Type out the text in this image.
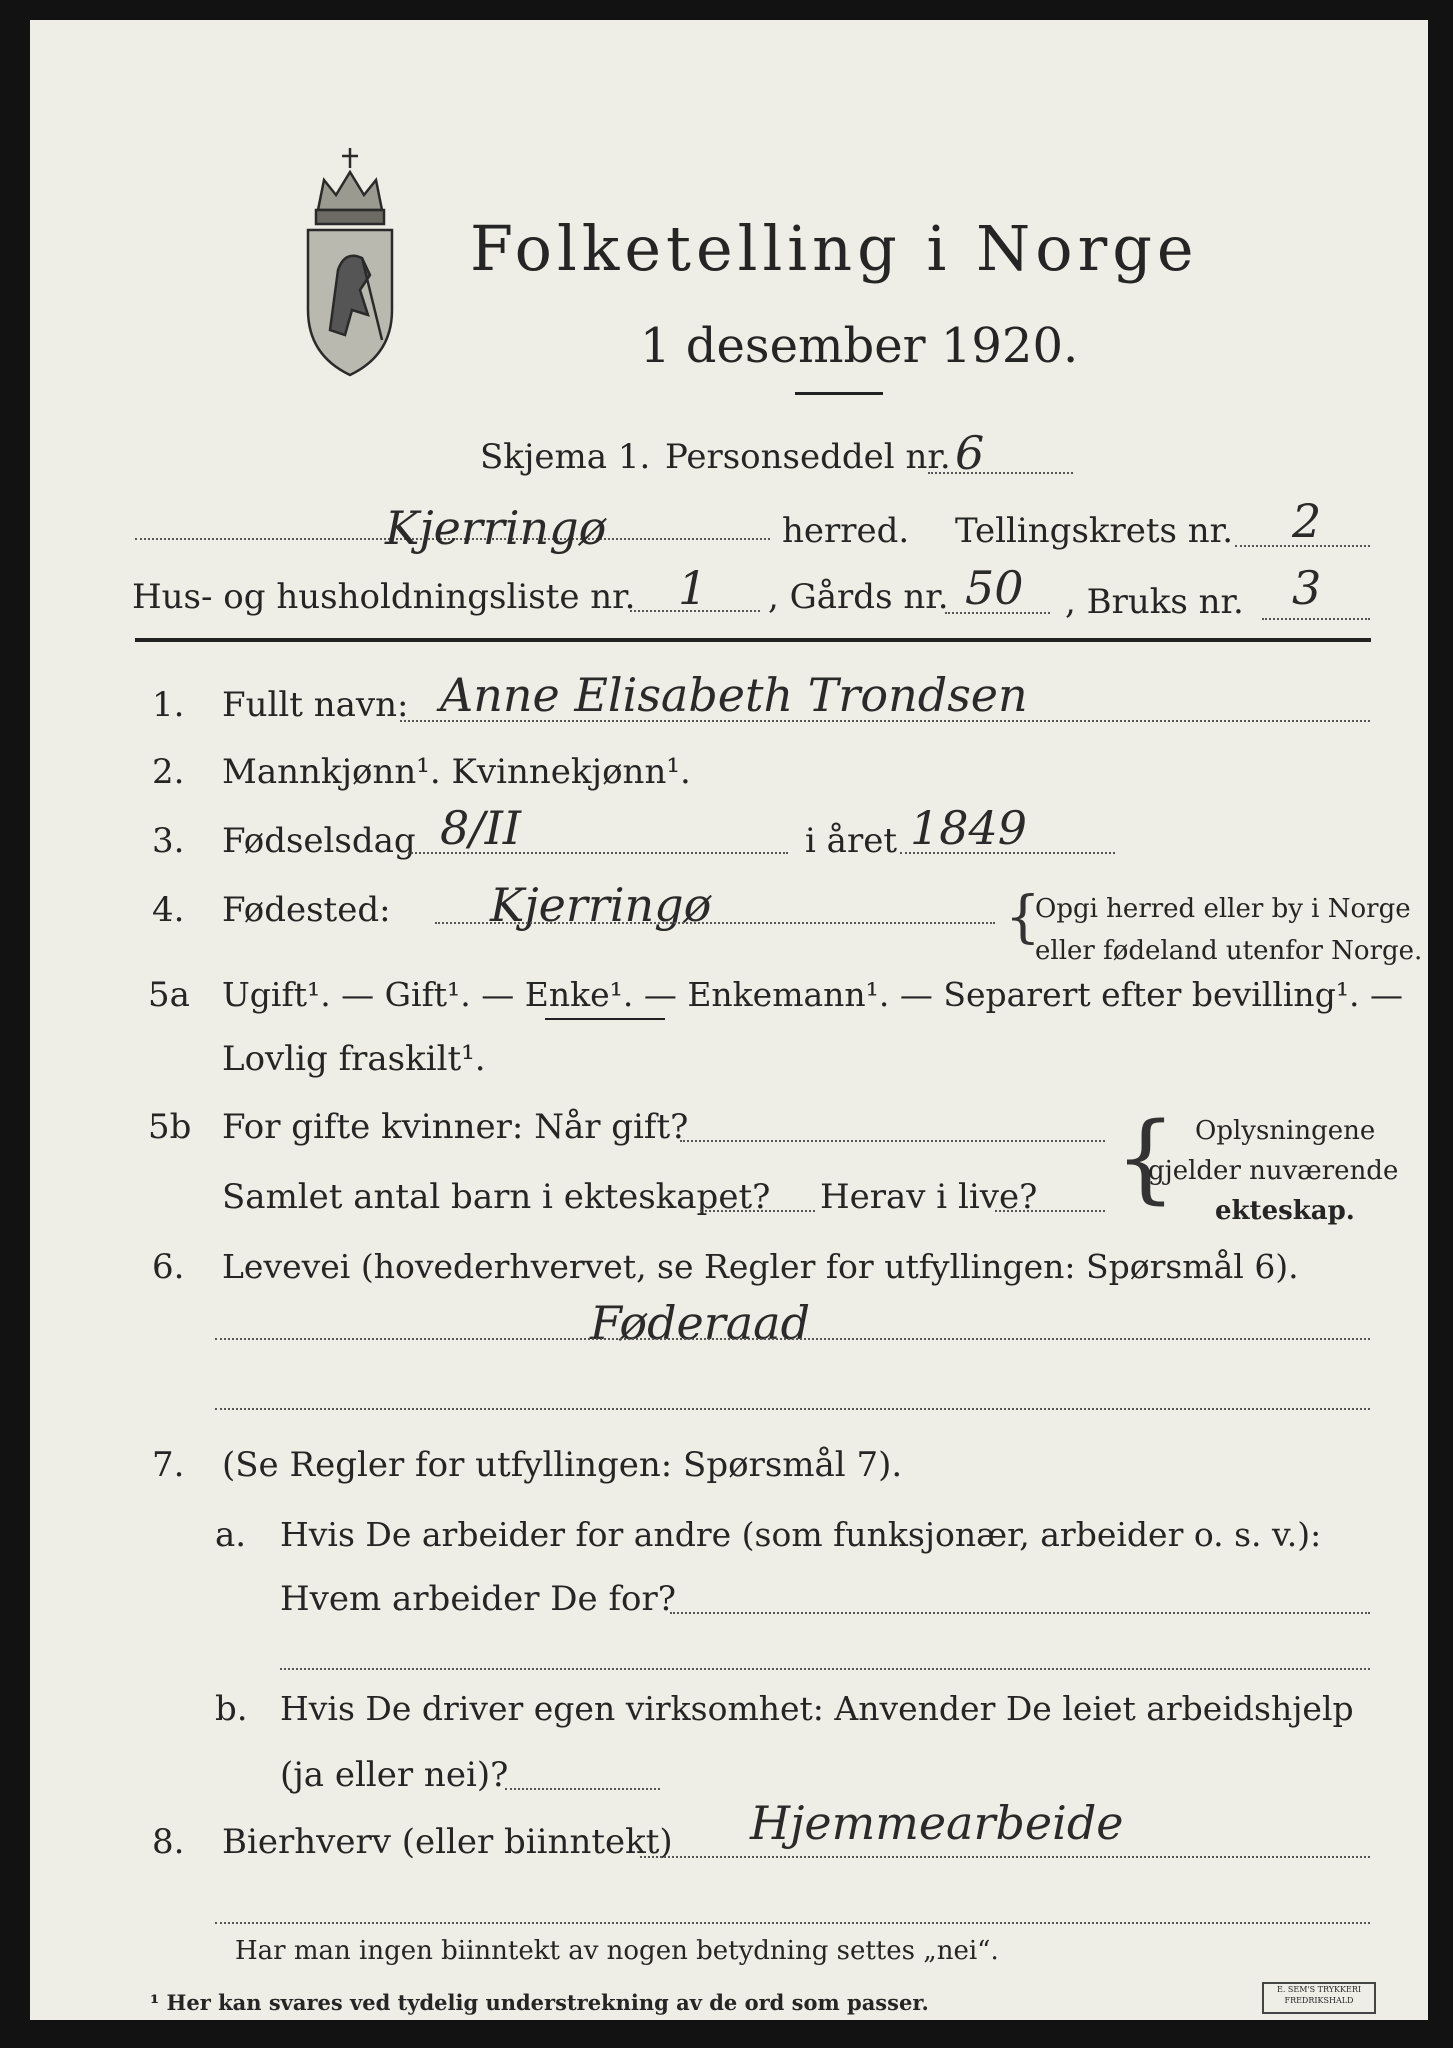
Folketelling i Norge
1 desember 1920.
Skjema 1. Personseddel nr. 6
Kjerringø	herred. Tellingskrets nr. 2
Hus- og husholdningsliste nr. 1 , Gårds nr. 50 , Bruks nr. 3
1. Fullt navn: Anne Elisabeth Trondsen
2. Mannkjønn¹. Kvinnekjønn¹.
3. Fødselsdag 8/II	i året 1849
4. Fødested: Kjerringø	{
Opgi herred eller by i Norge
eller fødeland utenfor Norge.
5a Ugift¹. — Gift¹. — Enke¹. — Enkemann¹. — Separert efter bevilling¹. —
Lovlig fraskilt¹.
5b For gifte kvinner: Når gift?
Samlet antal barn i ekteskapet? Herav i live? { Oplysningene
gjelder nuværende
ekteskap.
6. Levevei (hovederhvervet, se Regler for utfyllingen: Spørsmål 6).
Føderaad
7. (Se Regler for utfyllingen: Spørsmål 7).
a. Hvis De arbeider for andre (som funksjonær, arbeider o. s. v.):
Hvem arbeider De for?
b. Hvis De driver egen virksomhet: Anvender De leiet arbeidshjelp
(ja eller nei)?
8. Bierhverv (eller biinntekt) Hjemmearbeide
Har man ingen biinntekt av nogen betydning settes „nei“.
¹ Her kan svares ved tydelig understrekning av de ord som passer.
E. SEM'S TRYKKERI FREDRIKSHALD
